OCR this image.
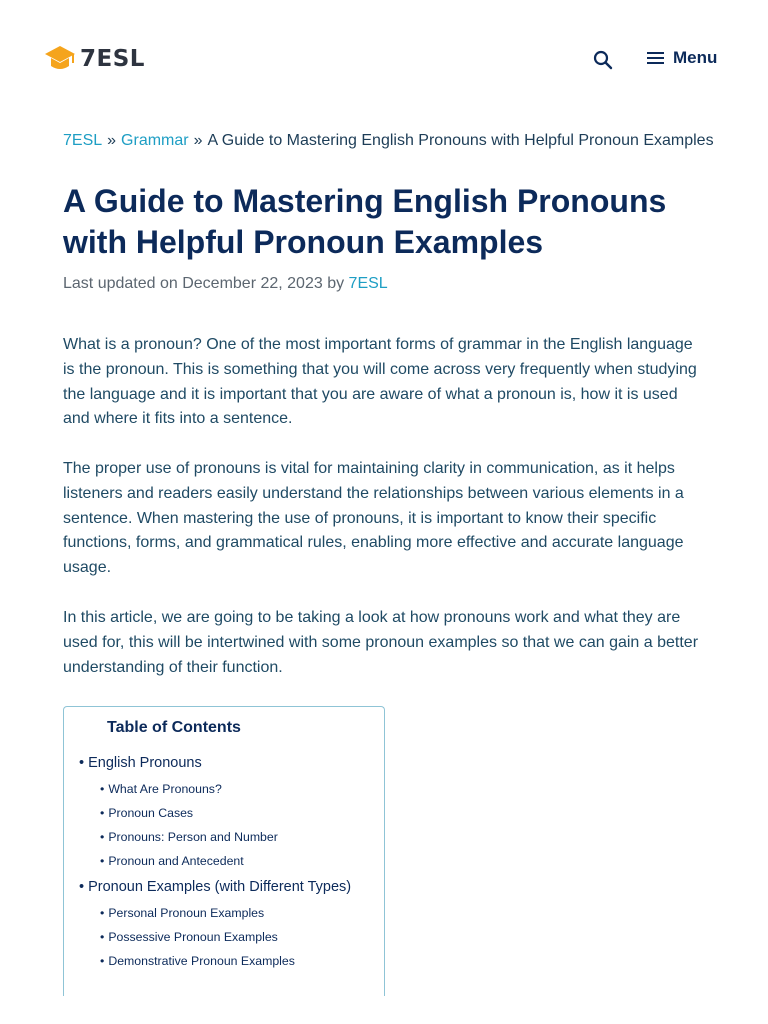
7ESL	Menu
7ESL » Grammar » A Guide to Mastering English Pronouns with Helpful Pronoun Examples
A Guide to Mastering English Pronouns with Helpful Pronoun Examples
Last updated on December 22, 2023 by 7ESL

What is a pronoun? One of the most important forms of grammar in the English language is the pronoun. This is something that you will come across very frequently when studying the language and it is important that you are aware of what a pronoun is, how it is used and where it fits into a sentence.

The proper use of pronouns is vital for maintaining clarity in communication, as it helps listeners and readers easily understand the relationships between various elements in a sentence. When mastering the use of pronouns, it is important to know their specific functions, forms, and grammatical rules, enabling more effective and accurate language usage.

In this article, we are going to be taking a look at how pronouns work and what they are used for, this will be intertwined with some pronoun examples so that we can gain a better understanding of their function.

Table of Contents
• English Pronouns
• What Are Pronouns?
• Pronoun Cases
• Pronouns: Person and Number
• Pronoun and Antecedent
• Pronoun Examples (with Different Types)
• Personal Pronoun Examples
• Possessive Pronoun Examples
• Demonstrative Pronoun Examples
